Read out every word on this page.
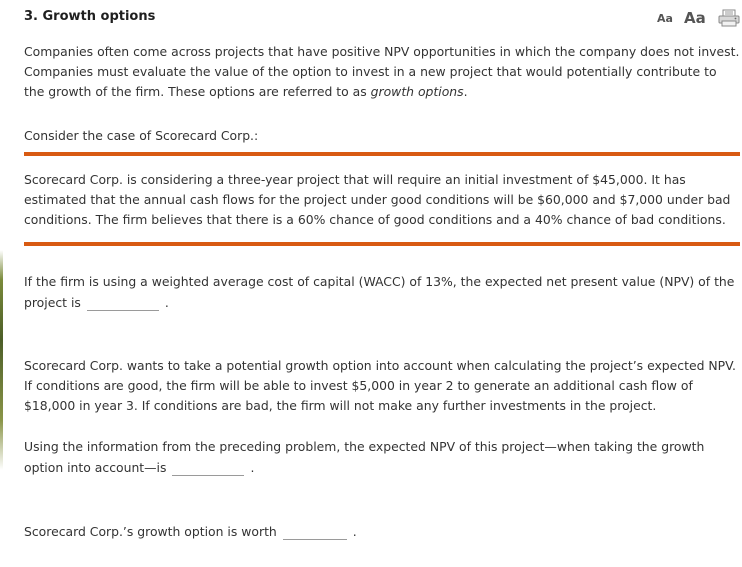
3. Growth options	Aa Aa

Companies often come across projects that have positive NPV opportunities in which the company does not invest. Companies must evaluate the value of the option to invest in a new project that would potentially contribute to the growth of the firm. These options are referred to as growth options.

Consider the case of Scorecard Corp.:

Scorecard Corp. is considering a three-year project that will require an initial investment of $45,000. It has estimated that the annual cash flows for the project under good conditions will be $60,000 and $7,000 under bad conditions. The firm believes that there is a 60% chance of good conditions and a 40% chance of bad conditions.

If the firm is using a weighted average cost of capital (WACC) of 13%, the expected net present value (NPV) of the project is	.

Scorecard Corp. wants to take a potential growth option into account when calculating the project’s expected NPV. If conditions are good, the firm will be able to invest $5,000 in year 2 to generate an additional cash flow of $18,000 in year 3. If conditions are bad, the firm will not make any further investments in the project.

Using the information from the preceding problem, the expected NPV of this project—when taking the growth option into account—is	.

Scorecard Corp.’s growth option is worth	.
